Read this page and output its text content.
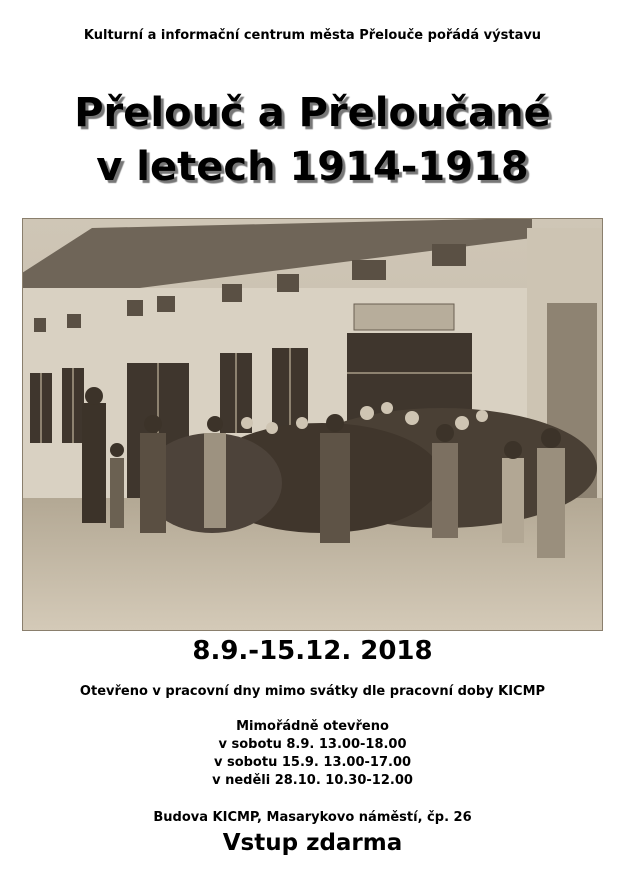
Kulturní a informační centrum města Přelouče pořádá výstavu
Přelouč a Přeloučané
v letech 1914-1918
8.9.-15.12. 2018
Otevřeno v pracovní dny mimo svátky dle pracovní doby KICMP
Mimořádně otevřeno
v sobotu 8.9. 13.00-18.00
v sobotu 15.9. 13.00-17.00
v neděli 28.10. 10.30-12.00
Budova KICMP, Masarykovo náměstí, čp. 26
Vstup zdarma
